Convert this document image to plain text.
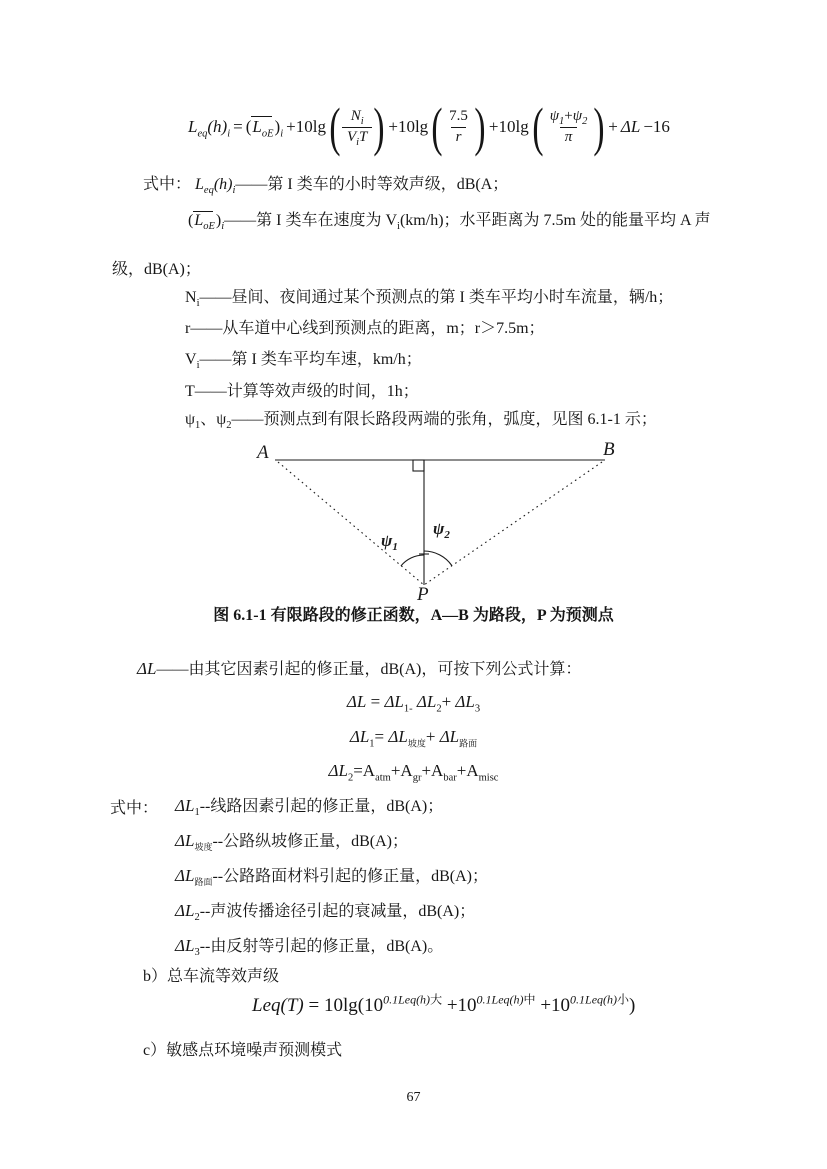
$L_{eq}(h)_i = (L_{oE})_i +10\lg$ ( $\frac{N_i}{V_iT}$ ) +10lg ( $\frac{7.5}{r}$ ) +10lg ( $\frac{\psi_1+\psi_2}{\pi}$ ) + ΔL −16
式中： $L_{eq}(h)_i——$第 I 类车的小时等效声级，dB(A；
$(L_{oE})_i——$第 I 类车在速度为 $V_i(km/h)$；水平距离为 7.5m 处的能量平均 A 声
级，dB(A)；
$N_i——$昼间、夜间通过某个预测点的第 I 类车平均小时车流量，辆/h；
r——从车道中心线到预测点的距离，m；r＞7.5m；
$V_i——$第 I 类车平均车速，km/h；
T——计算等效声级的时间，1h；
$\psi_1$、$\psi_2——$预测点到有限长路段两端的张角，弧度，见图 6.1-1 示；
A	B
$\psi_1$
$\psi_2$
P
图 6.1-1 有限路段的修正函数，A—B 为路段，P 为预测点
ΔL——由其它因素引起的修正量，dB(A)，可按下列公式计算：
$\Delta L = \Delta L_{1-}$ $\Delta L_2+ \Delta L_3$
$\Delta L_1= \Delta L_{坡度}+ \Delta L_{路面}$
$\Delta L_2=A_{atm}+A_{gr}+A_{bar}+A_{misc}$
式中： $\Delta L_1--$线路因素引起的修正量，dB(A)；
$\Delta L_{坡度}--$公路纵坡修正量，dB(A)；
$\Delta L_{路面}--$公路路面材料引起的修正量，dB(A)；
$\Delta L_2--$声波传播途径引起的衰减量，dB(A)；
$\Delta L_3--$由反射等引起的修正量，dB(A)。
b）总车流等效声级
$Leq(T) = 10\lg(10^{0.1Leq(h)大} +10^{0.1Leq(h)中} +10^{0.1Leq(h)小})$
c）敏感点环境噪声预测模式
67
